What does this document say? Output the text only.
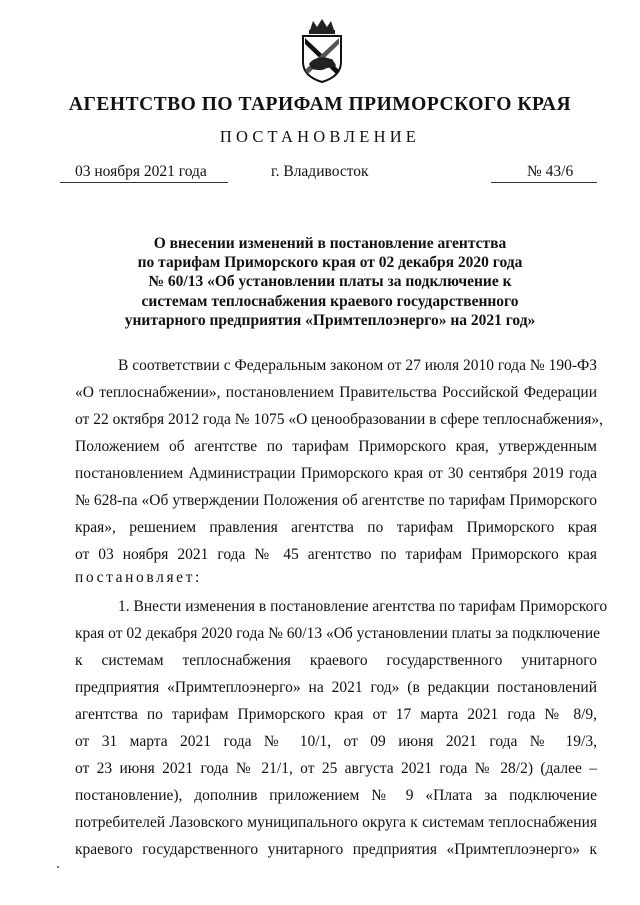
АГЕНТСТВО ПО ТАРИФАМ ПРИМОРСКОГО КРАЯ
ПОСТАНОВЛЕНИЕ
03 ноября 2021 года	г. Владивосток	№ 43/6
О внесении изменений в постановление агентства
по тарифам Приморского края от 02 декабря 2020 года
№ 60/13 «Об установлении платы за подключение к
системам теплоснабжения краевого государственного
унитарного предприятия «Примтеплоэнерго» на 2021 год»
В соответствии с Федеральным законом от 27 июля 2010 года № 190-ФЗ
«О теплоснабжении», постановлением Правительства Российской Федерации
от 22 октября 2012 года № 1075 «О ценообразовании в сфере теплоснабжения»,
Положением об агентстве по тарифам Приморского края, утвержденным
постановлением Администрации Приморского края от 30 сентября 2019 года
№ 628-па «Об утверждении Положения об агентстве по тарифам Приморского
края», решением правления агентства по тарифам Приморского края
от 03 ноября 2021 года № 45 агентство по тарифам Приморского края
постановляет:
1. Внести изменения в постановление агентства по тарифам Приморского
края от 02 декабря 2020 года № 60/13 «Об установлении платы за подключение
к системам теплоснабжения краевого государственного унитарного
предприятия «Примтеплоэнерго» на 2021 год» (в редакции постановлений
агентства по тарифам Приморского края от 17 марта 2021 года № 8/9,
от 31 марта 2021 года № 10/1, от 09 июня 2021 года № 19/3,
от 23 июня 2021 года № 21/1, от 25 августа 2021 года № 28/2) (далее –
постановление), дополнив приложением № 9 «Плата за подключение
потребителей Лазовского муниципального округа к системам теплоснабжения
краевого государственного унитарного предприятия «Примтеплоэнерго» к
